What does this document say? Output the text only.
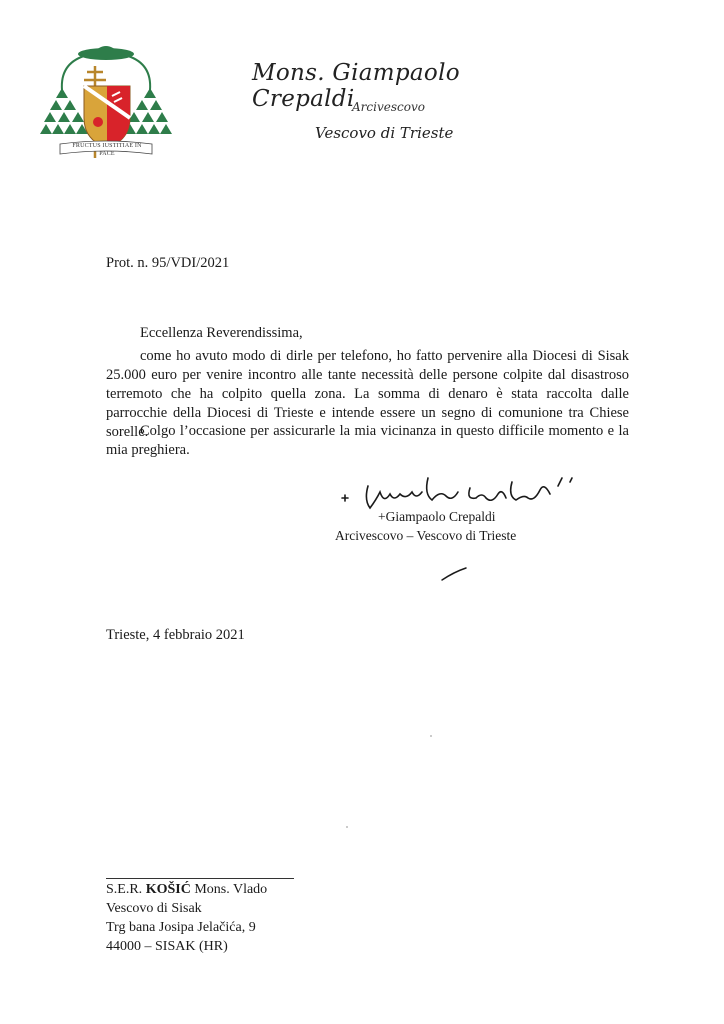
FRUCTUS IUSTITIAE IN PACE
Mons. Giampaolo Crepaldi
Arcivescovo
Vescovo di Trieste
Prot. n. 95/VDI/2021
Eccellenza Reverendissima,
come ho avuto modo di dirle per telefono, ho fatto pervenire alla Diocesi di Sisak 25.000 euro per venire incontro alle tante necessità delle persone colpite dal disastroso terremoto che ha colpito quella zona. La somma di denaro è stata raccolta dalle parrocchie della Diocesi di Trieste e intende essere un segno di comunione tra Chiese sorelle.
Colgo l’occasione per assicurarle la mia vicinanza in questo difficile momento e la mia preghiera.
+Giampaolo Crepaldi
Arcivescovo – Vescovo di Trieste
Trieste, 4 febbraio 2021
S.E.R. KOŠIĆ Mons. Vlado
Vescovo di Sisak
Trg bana Josipa Jelačića, 9
44000 – SISAK (HR)
